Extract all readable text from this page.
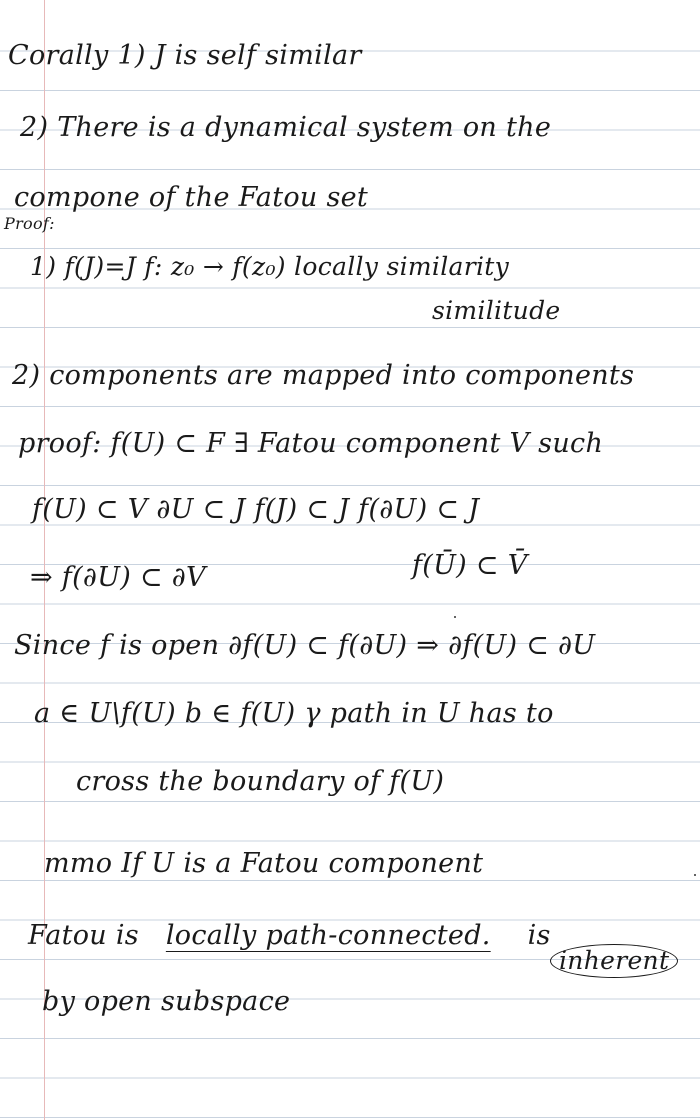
Corally 1) J is self similar
2) There is a dynamical system on the
compone of the Fatou set
Proof:
1) f(J)=J f: z₀ → f(z₀) locally similarity
similitude
2) components are mapped into components
proof: f(U) ⊂ F ∃ Fatou component V such
f(U) ⊂ V ∂U ⊂ J f(J) ⊂ J f(∂U) ⊂ J
⇒ f(∂U) ⊂ ∂V	f(Ū) ⊂ V̄
Since f is open ∂f(U) ⊂ f(∂U) ⇒ ∂f(U) ⊂ ∂U
a ∈ U\f(U) b ∈ f(U) γ path in U has to
cross the boundary of f(U)
mmo If U is a Fatou component
Fatou is locally path-connected. is
inherent
by open subspace
